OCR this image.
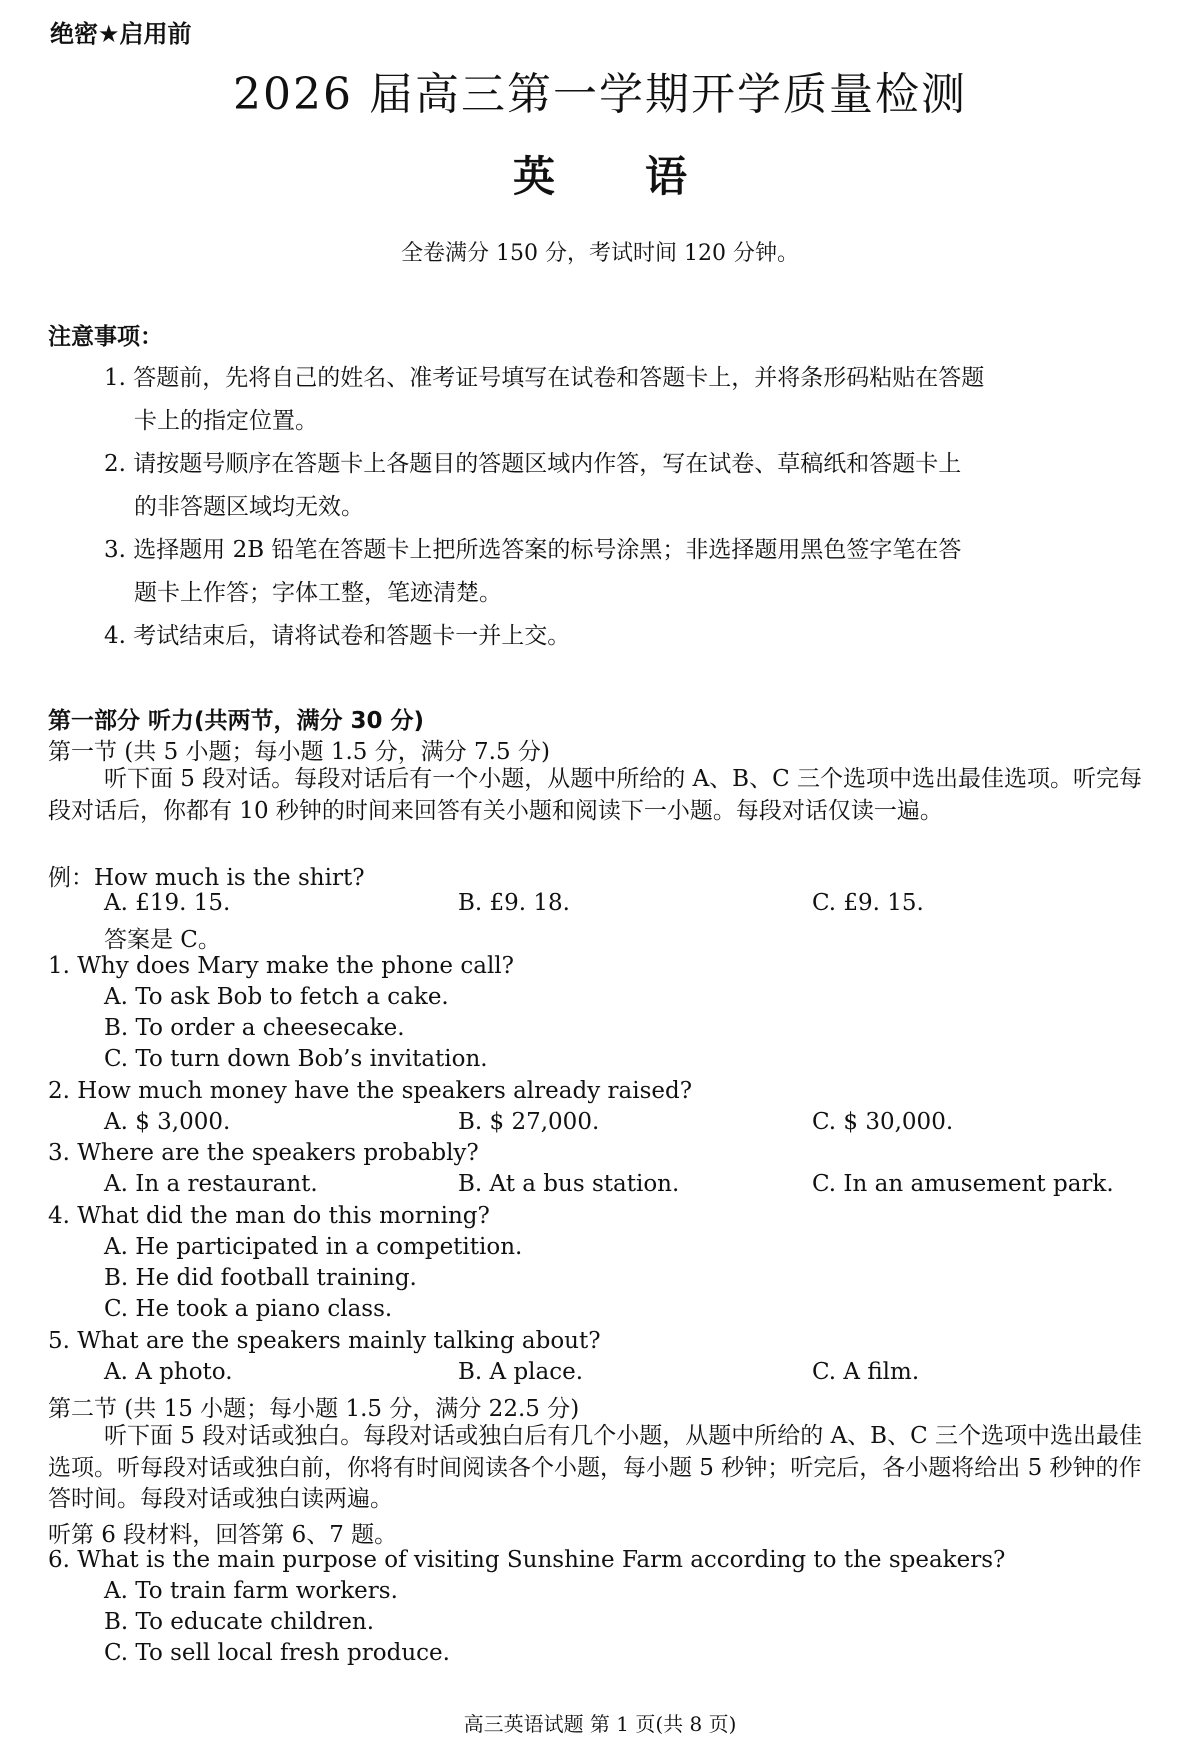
绝密★启用前
2026 届高三第一学期开学质量检测
英 语
全卷满分 150 分，考试时间 120 分钟。
注意事项：
1. 答题前，先将自己的姓名、准考证号填写在试卷和答题卡上，并将条形码粘贴在答题
卡上的指定位置。
2. 请按题号顺序在答题卡上各题目的答题区域内作答，写在试卷、草稿纸和答题卡上
的非答题区域均无效。
3. 选择题用 2B 铅笔在答题卡上把所选答案的标号涂黑；非选择题用黑色签字笔在答
题卡上作答；字体工整，笔迹清楚。
4. 考试结束后，请将试卷和答题卡一并上交。
第一部分 听力(共两节，满分 30 分)
第一节 (共 5 小题；每小题 1.5 分，满分 7.5 分)
听下面 5 段对话。每段对话后有一个小题，从题中所给的 A、B、C 三个选项中选出最佳选项。听完每段对话后，你都有 10 秒钟的时间来回答有关小题和阅读下一小题。每段对话仅读一遍。
例：How much is the shirt?
A. £19. 15.	B. £9. 18.	C. £9. 15.
答案是 C。
1. Why does Mary make the phone call?
A. To ask Bob to fetch a cake.
B. To order a cheesecake.
C. To turn down Bob’s invitation.
2. How much money have the speakers already raised?
A. $ 3,000.	B. $ 27,000.	C. $ 30,000.
3. Where are the speakers probably?
A. In a restaurant.	B. At a bus station.	C. In an amusement park.
4. What did the man do this morning?
A. He participated in a competition.
B. He did football training.
C. He took a piano class.
5. What are the speakers mainly talking about?
A. A photo.	B. A place.	C. A film.
第二节 (共 15 小题；每小题 1.5 分，满分 22.5 分)
听下面 5 段对话或独白。每段对话或独白后有几个小题，从题中所给的 A、B、C 三个选项中选出最佳选项。听每段对话或独白前，你将有时间阅读各个小题，每小题 5 秒钟；听完后，各小题将给出 5 秒钟的作答时间。每段对话或独白读两遍。
听第 6 段材料，回答第 6、7 题。
6. What is the main purpose of visiting Sunshine Farm according to the speakers?
A. To train farm workers.
B. To educate children.
C. To sell local fresh produce.
高三英语试题 第 1 页(共 8 页)
